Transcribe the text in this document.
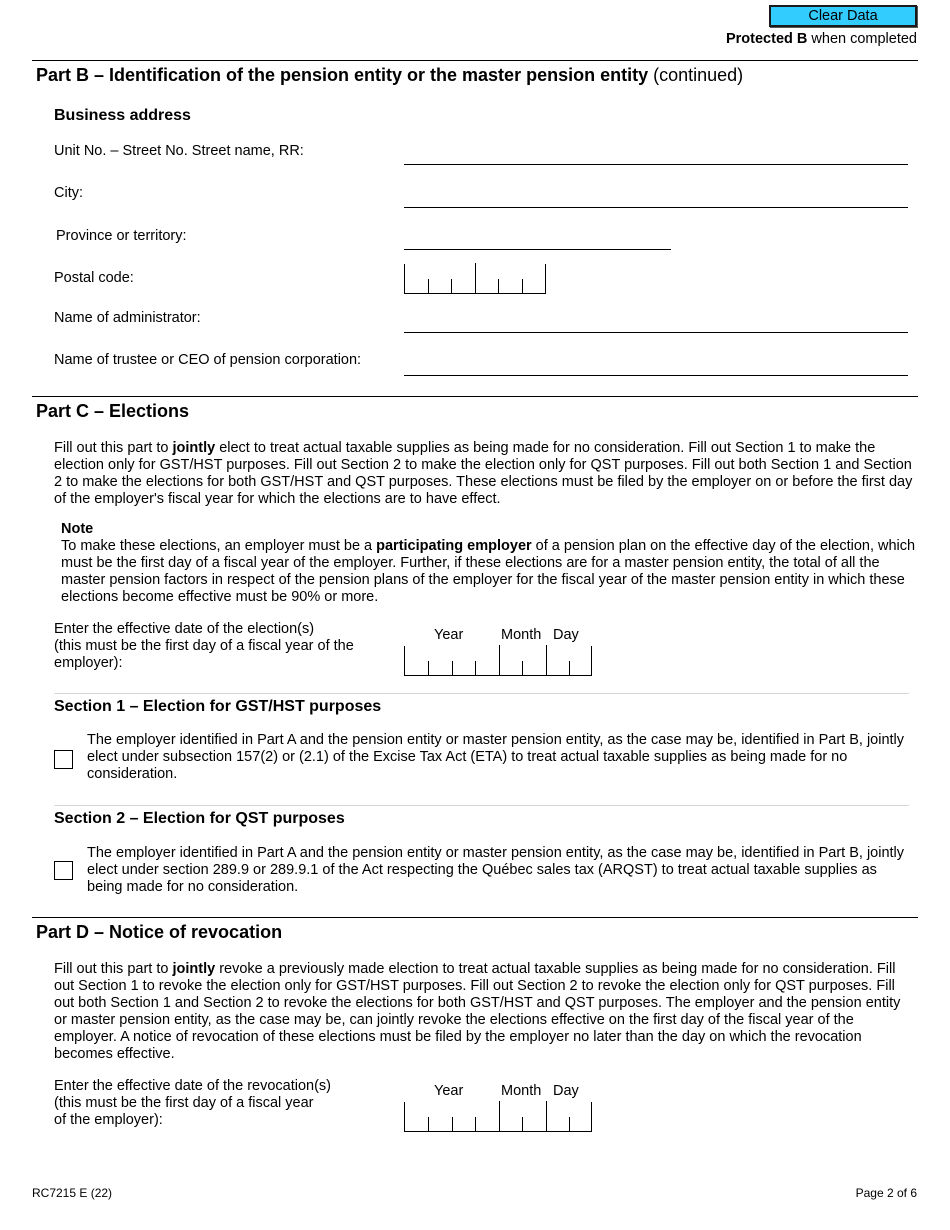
Clear Data
Protected B when completed
Part B – Identification of the pension entity or the master pension entity (continued)
Business address
Unit No. – Street No. Street name, RR:
City:
Province or territory:
Postal code:
Name of administrator:
Name of trustee or CEO of pension corporation:
Part C – Elections
Fill out this part to jointly elect to treat actual taxable supplies as being made for no consideration. Fill out Section 1 to make the election only for GST/HST purposes. Fill out Section 2 to make the election only for QST purposes. Fill out both Section 1 and Section 2 to make the elections for both GST/HST and QST purposes. These elections must be filed by the employer on or before the first day of the employer's fiscal year for which the elections are to have effect.
Note
To make these elections, an employer must be a participating employer of a pension plan on the effective day of the election, which must be the first day of a fiscal year of the employer. Further, if these elections are for a master pension entity, the total of all the master pension factors in respect of the pension plans of the employer for the fiscal year of the master pension entity in which these elections become effective must be 90% or more.
Enter the effective date of the election(s)
(this must be the first day of a fiscal year of the
employer):
Year	Month Day
Section 1 – Election for GST/HST purposes
The employer identified in Part A and the pension entity or master pension entity, as the case may be, identified in Part B, jointly elect under subsection 157(2) or (2.1) of the Excise Tax Act (ETA) to treat actual taxable supplies as being made for no consideration.
Section 2 – Election for QST purposes
The employer identified in Part A and the pension entity or master pension entity, as the case may be, identified in Part B, jointly elect under section 289.9 or 289.9.1 of the Act respecting the Québec sales tax (ARQST) to treat actual taxable supplies as being made for no consideration.
Part D – Notice of revocation
Fill out this part to jointly revoke a previously made election to treat actual taxable supplies as being made for no consideration. Fill out Section 1 to revoke the election only for GST/HST purposes. Fill out Section 2 to revoke the election only for QST purposes. Fill out both Section 1 and Section 2 to revoke the elections for both GST/HST and QST purposes. The employer and the pension entity or master pension entity, as the case may be, can jointly revoke the elections effective on the first day of the fiscal year of the employer. A notice of revocation of these elections must be filed by the employer no later than the day on which the revocation becomes effective.
Enter the effective date of the revocation(s)
(this must be the first day of a fiscal year
of the employer):
Year	Month Day
RC7215 E (22)	Page 2 of 6
